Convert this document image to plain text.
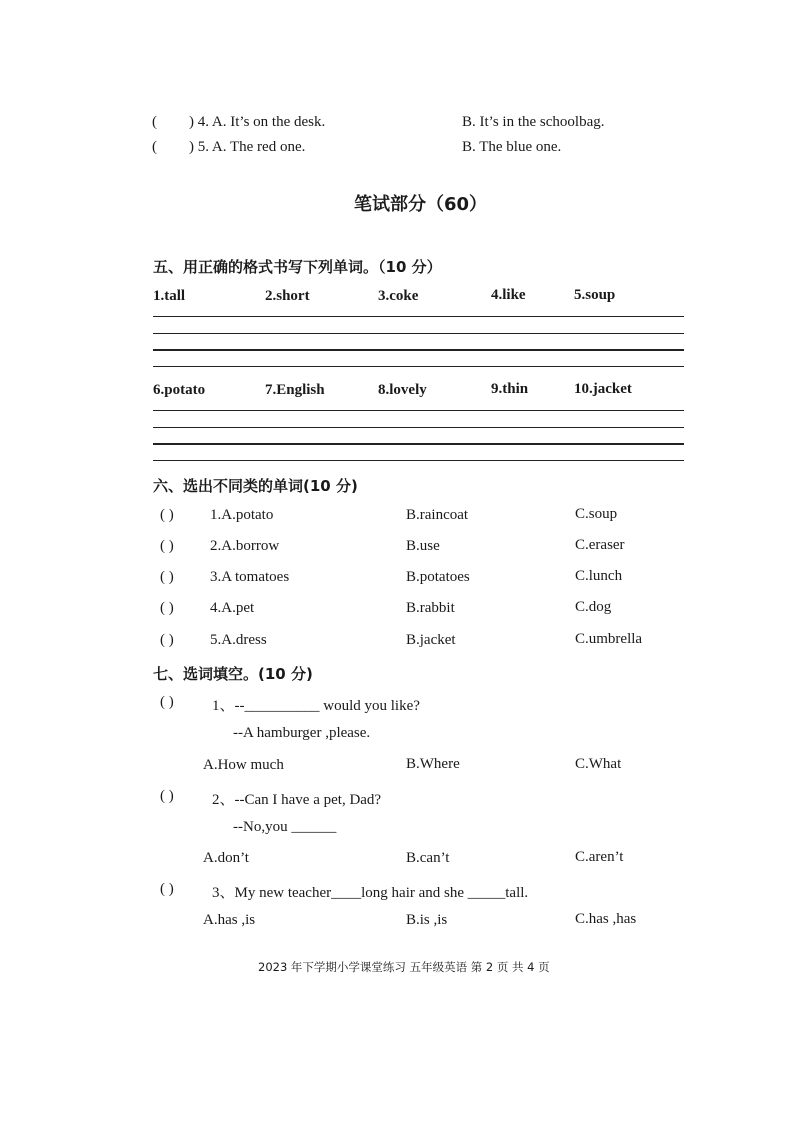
( ) 4. A. It’s on the desk.	B. It’s in the schoolbag.
( ) 5. A. The red one.	B. The blue one.
笔试部分（60）
五、用正确的格式书写下列单词。（10 分）
1.tall	2.short	3.coke	4.like	5.soup
6.potato	7.English	8.lovely	9.thin	10.jacket
六、选出不同类的单词(10 分)
( ) 1.A.potato	B.raincoat	C.soup
( ) 2.A.borrow	B.use	C.eraser
( ) 3.A tomatoes	B.potatoes	C.lunch
( ) 4.A.pet	B.rabbit	C.dog
( ) 5.A.dress	B.jacket	C.umbrella
七、选词填空。(10 分)
( )	1、--__________ would you like?
--A hamburger ,please.
A.How much	B.Where	C.What
( )	2、--Can I have a pet, Dad?
--No,you ______
A.don’t	B.can’t	C.aren’t
( )	3、My new teacher____long hair and she _____tall.
A.has ,is	B.is ,is	C.has ,has
2023 年下学期小学课堂练习 五年级英语 第 2 页 共 4 页
